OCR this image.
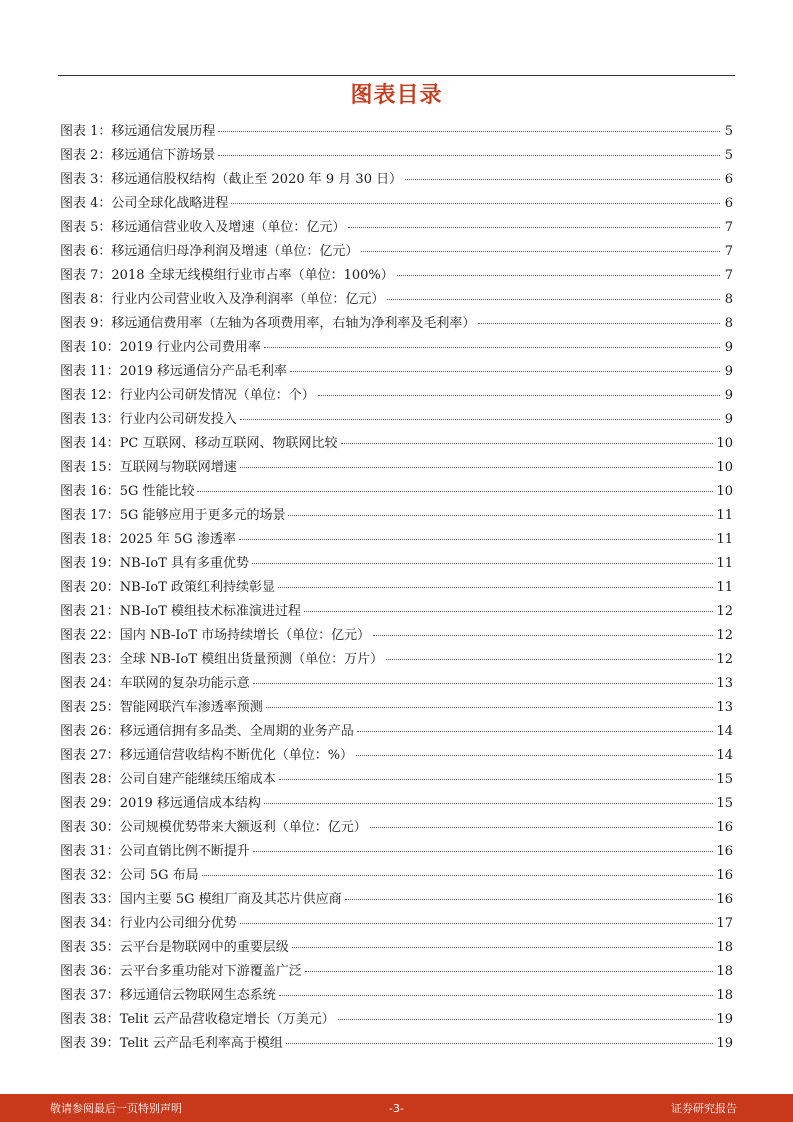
图表目录
图表 1：移远通信发展历程	5
图表 2：移远通信下游场景	5
图表 3：移远通信股权结构（截止至 2020 年 9 月 30 日）	6
图表 4：公司全球化战略进程	6
图表 5：移远通信营业收入及增速（单位：亿元）	7
图表 6：移远通信归母净利润及增速（单位：亿元）	7
图表 7：2018 全球无线模组行业市占率（单位：100%）	7
图表 8：行业内公司营业收入及净利润率（单位：亿元）	8
图表 9：移远通信费用率（左轴为各项费用率，右轴为净利率及毛利率）	8
图表 10：2019 行业内公司费用率	9
图表 11：2019 移远通信分产品毛利率	9
图表 12：行业内公司研发情况（单位：个）	9
图表 13：行业内公司研发投入	9
图表 14：PC 互联网、移动互联网、物联网比较	10
图表 15：互联网与物联网增速	10
图表 16：5G 性能比较	10
图表 17：5G 能够应用于更多元的场景	11
图表 18：2025 年 5G 渗透率	11
图表 19：NB-IoT 具有多重优势	11
图表 20：NB-IoT 政策红利持续彰显	11
图表 21：NB-IoT 模组技术标准演进过程	12
图表 22：国内 NB-IoT 市场持续增长（单位：亿元）	12
图表 23：全球 NB-IoT 模组出货量预测（单位：万片）	12
图表 24：车联网的复杂功能示意	13
图表 25：智能网联汽车渗透率预测	13
图表 26：移远通信拥有多品类、全周期的业务产品	14
图表 27：移远通信营收结构不断优化（单位：%）	14
图表 28：公司自建产能继续压缩成本	15
图表 29：2019 移远通信成本结构	15
图表 30：公司规模优势带来大额返利（单位：亿元）	16
图表 31：公司直销比例不断提升	16
图表 32：公司 5G 布局	16
图表 33：国内主要 5G 模组厂商及其芯片供应商	16
图表 34：行业内公司细分优势	17
图表 35：云平台是物联网中的重要层级	18
图表 36：云平台多重功能对下游覆盖广泛	18
图表 37：移远通信云物联网生态系统	18
图表 38：Telit 云产品营收稳定增长（万美元）	19
图表 39：Telit 云产品毛利率高于模组	19
敬请参阅最后一页特别声明	-3-	证券研究报告
